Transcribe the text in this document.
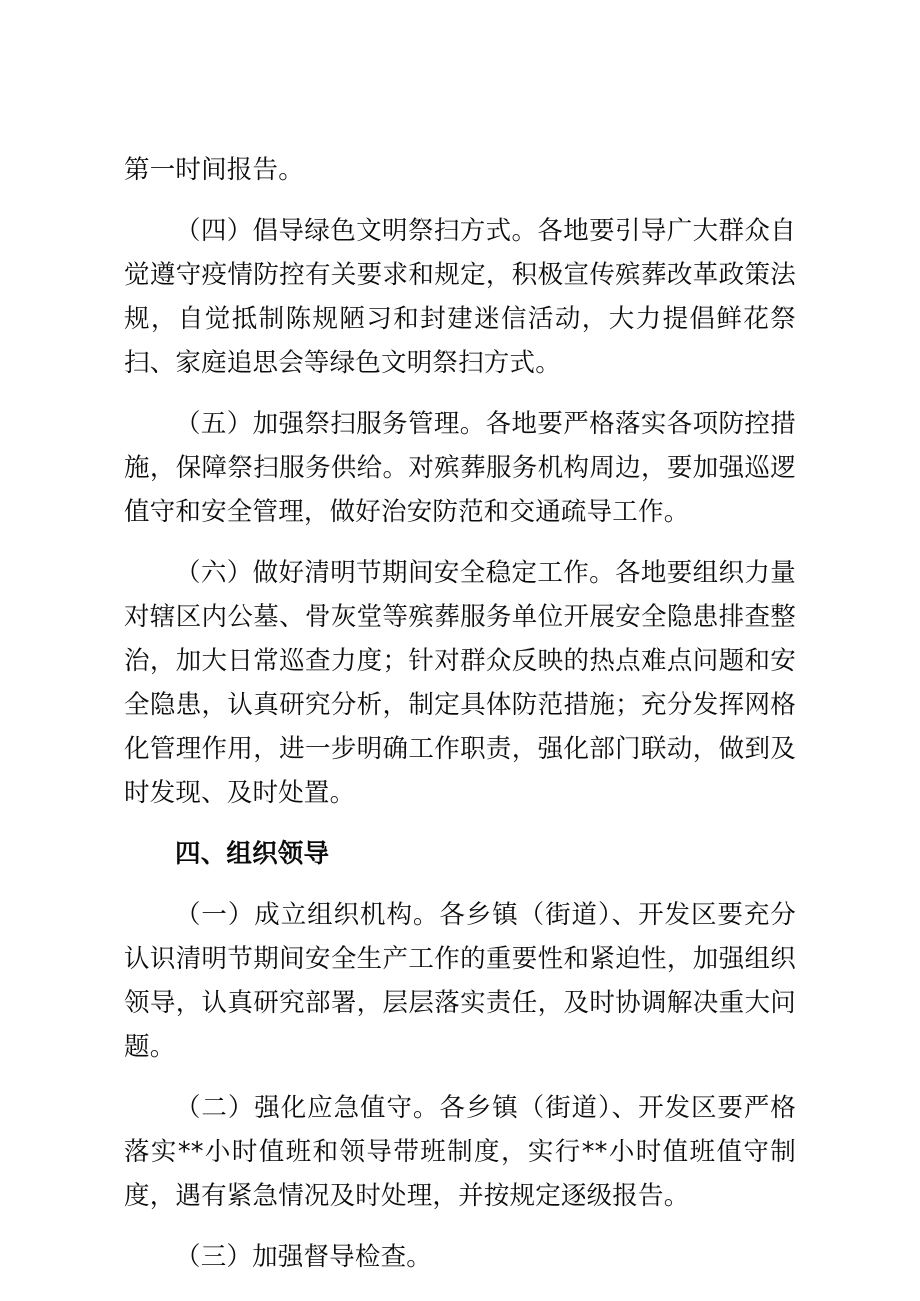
第一时间报告。

（四）倡导绿色文明祭扫方式。各地要引导广大群众自觉遵守疫情防控有关要求和规定，积极宣传殡葬改革政策法规，自觉抵制陈规陋习和封建迷信活动，大力提倡鲜花祭扫、家庭追思会等绿色文明祭扫方式。

（五）加强祭扫服务管理。各地要严格落实各项防控措施，保障祭扫服务供给。对殡葬服务机构周边，要加强巡逻值守和安全管理，做好治安防范和交通疏导工作。

（六）做好清明节期间安全稳定工作。各地要组织力量对辖区内公墓、骨灰堂等殡葬服务单位开展安全隐患排查整治，加大日常巡查力度；针对群众反映的热点难点问题和安全隐患，认真研究分析，制定具体防范措施；充分发挥网格化管理作用，进一步明确工作职责，强化部门联动，做到及时发现、及时处置。

四、组织领导

（一）成立组织机构。各乡镇（街道）、开发区要充分认识清明节期间安全生产工作的重要性和紧迫性，加强组织领导，认真研究部署，层层落实责任，及时协调解决重大问题。

（二）强化应急值守。各乡镇（街道）、开发区要严格落实**小时值班和领导带班制度，实行**小时值班值守制度，遇有紧急情况及时处理，并按规定逐级报告。

（三）加强督导检查。
